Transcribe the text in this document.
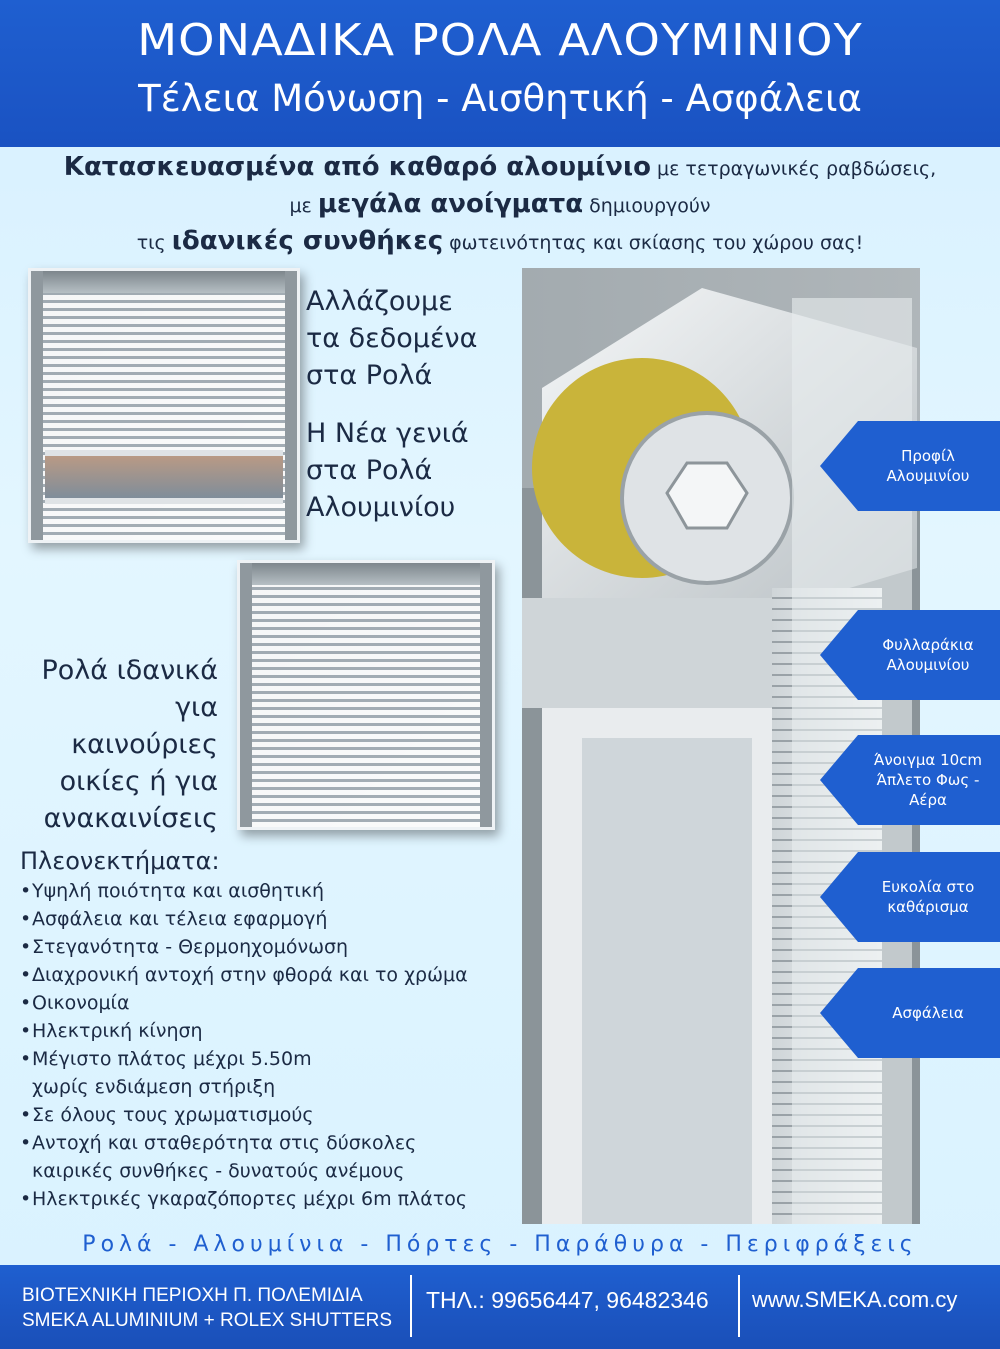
ΜΟΝΑΔΙΚΑ ΡΟΛΑ ΑΛΟΥΜΙΝΙΟΥ
Τέλεια Μόνωση - Αισθητική - Ασφάλεια

Κατασκευασμένα από καθαρό αλουμίνιο με τετραγωνικές ραβδώσεις,

με μεγάλα ανοίγματα δημιουργούν

τις ιδανικές συνθήκες φωτεινότητας και σκίασης του χώρου σας!

Αλλάζουμε
τα δεδομένα
στα Ρολά
Η Νέα γενιά
στα Ρολά
Αλουμινίου
Ρολά ιδανικά
για καινούριες
οικίες ή για
ανακαινίσεις
Πλεονεκτήματα:
•Υψηλή ποιότητα και αισθητική
•Ασφάλεια και τέλεια εφαρμογή
•Στεγανότητα - Θερμοηχομόνωση
•Διαχρονική αντοχή στην φθορά και το χρώμα
•Οικονομία
•Ηλεκτρική κίνηση
•Μέγιστο πλάτος μέχρι 5.50m
χωρίς ενδιάμεση στήριξη
•Σε όλους τους χρωματισμούς
•Αντοχή και σταθερότητα στις δύσκολες
καιρικές συνθήκες - δυνατούς ανέμους
•Ηλεκτρικές γκαραζόπορτες μέχρι 6m πλάτος
Προφίλ
Αλουμινίου
Φυλλαράκια
Αλουμινίου
Άνοιγμα 10cm
Άπλετο Φως -
Αέρα
Ευκολία στο
καθάρισμα
Ασφάλεια
Ρολά - Αλουμίνια - Πόρτες - Παράθυρα - Περιφράξεις
ΒΙΟΤΕΧΝΙΚΗ ΠΕΡΙΟΧΗ Π. ΠΟΛΕΜΙΔΙΑ
SMEKA ALUMINIUM + ROLEX SHUTTERS
ΤΗΛ.: 99656447, 96482346 www.SMEKA.com.cy
